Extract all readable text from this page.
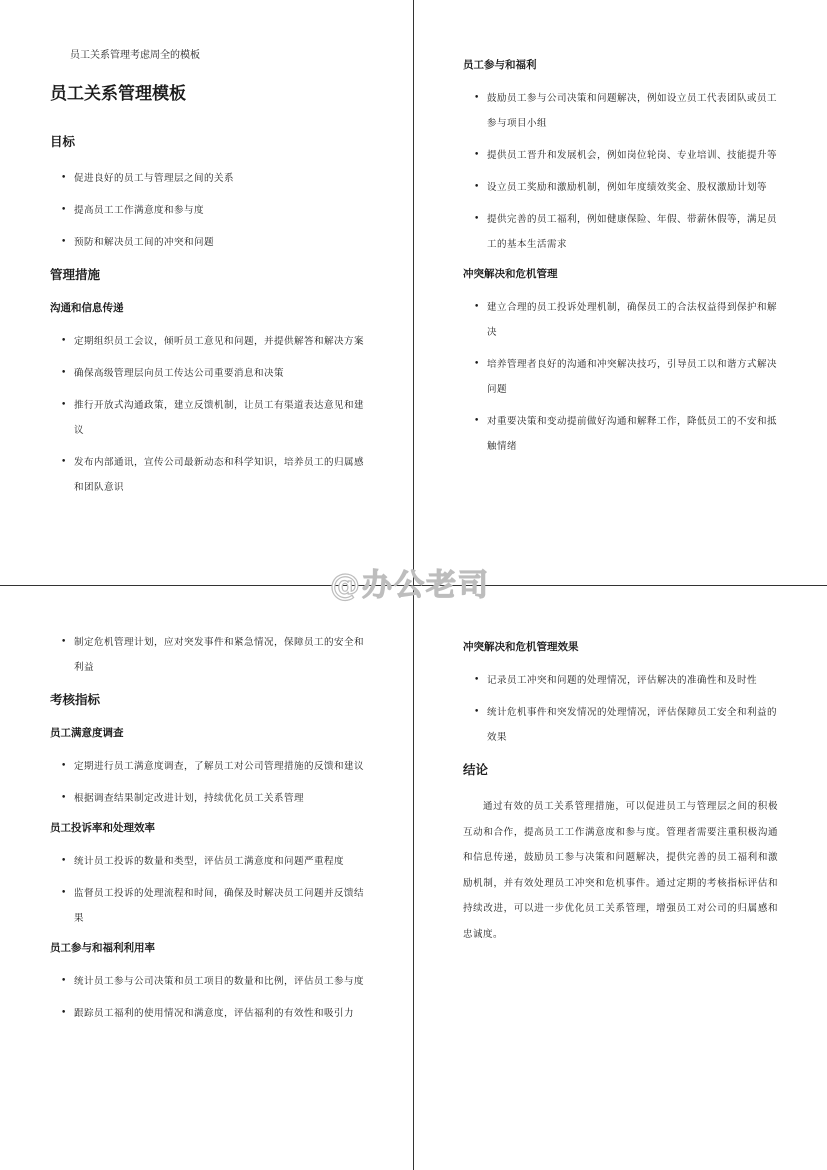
员工关系管理考虑周全的模板
员工关系管理模板
目标
• 促进良好的员工与管理层之间的关系
• 提高员工工作满意度和参与度
• 预防和解决员工间的冲突和问题
管理措施
沟通和信息传递
• 定期组织员工会议，倾听员工意见和问题，并提供解答和解决方案
• 确保高级管理层向员工传达公司重要消息和决策
• 推行开放式沟通政策，建立反馈机制，让员工有渠道表达意见和建议
• 发布内部通讯，宣传公司最新动态和科学知识，培养员工的归属感和团队意识
员工参与和福利
• 鼓励员工参与公司决策和问题解决，例如设立员工代表团队或员工参与项目小组
• 提供员工晋升和发展机会，例如岗位轮岗、专业培训、技能提升等
• 设立员工奖励和激励机制，例如年度绩效奖金、股权激励计划等
• 提供完善的员工福利，例如健康保险、年假、带薪休假等，满足员工的基本生活需求
冲突解决和危机管理
• 建立合理的员工投诉处理机制，确保员工的合法权益得到保护和解决
• 培养管理者良好的沟通和冲突解决技巧，引导员工以和谐方式解决问题
• 对重要决策和变动提前做好沟通和解释工作，降低员工的不安和抵触情绪
• 制定危机管理计划，应对突发事件和紧急情况，保障员工的安全和利益
考核指标
员工满意度调查
• 定期进行员工满意度调查，了解员工对公司管理措施的反馈和建议
• 根据调查结果制定改进计划，持续优化员工关系管理
员工投诉率和处理效率
• 统计员工投诉的数量和类型，评估员工满意度和问题严重程度
• 监督员工投诉的处理流程和时间，确保及时解决员工问题并反馈结果
员工参与和福利利用率
• 统计员工参与公司决策和员工项目的数量和比例，评估员工参与度
• 跟踪员工福利的使用情况和满意度，评估福利的有效性和吸引力
冲突解决和危机管理效果
• 记录员工冲突和问题的处理情况，评估解决的准确性和及时性
• 统计危机事件和突发情况的处理情况，评估保障员工安全和利益的效果
结论

通过有效的员工关系管理措施，可以促进员工与管理层之间的积极互动和合作，提高员工工作满意度和参与度。管理者需要注重积极沟通和信息传递，鼓励员工参与决策和问题解决，提供完善的员工福利和激励机制，并有效处理员工冲突和危机事件。通过定期的考核指标评估和持续改进，可以进一步优化员工关系管理，增强员工对公司的归属感和忠诚度。

@办公老司
